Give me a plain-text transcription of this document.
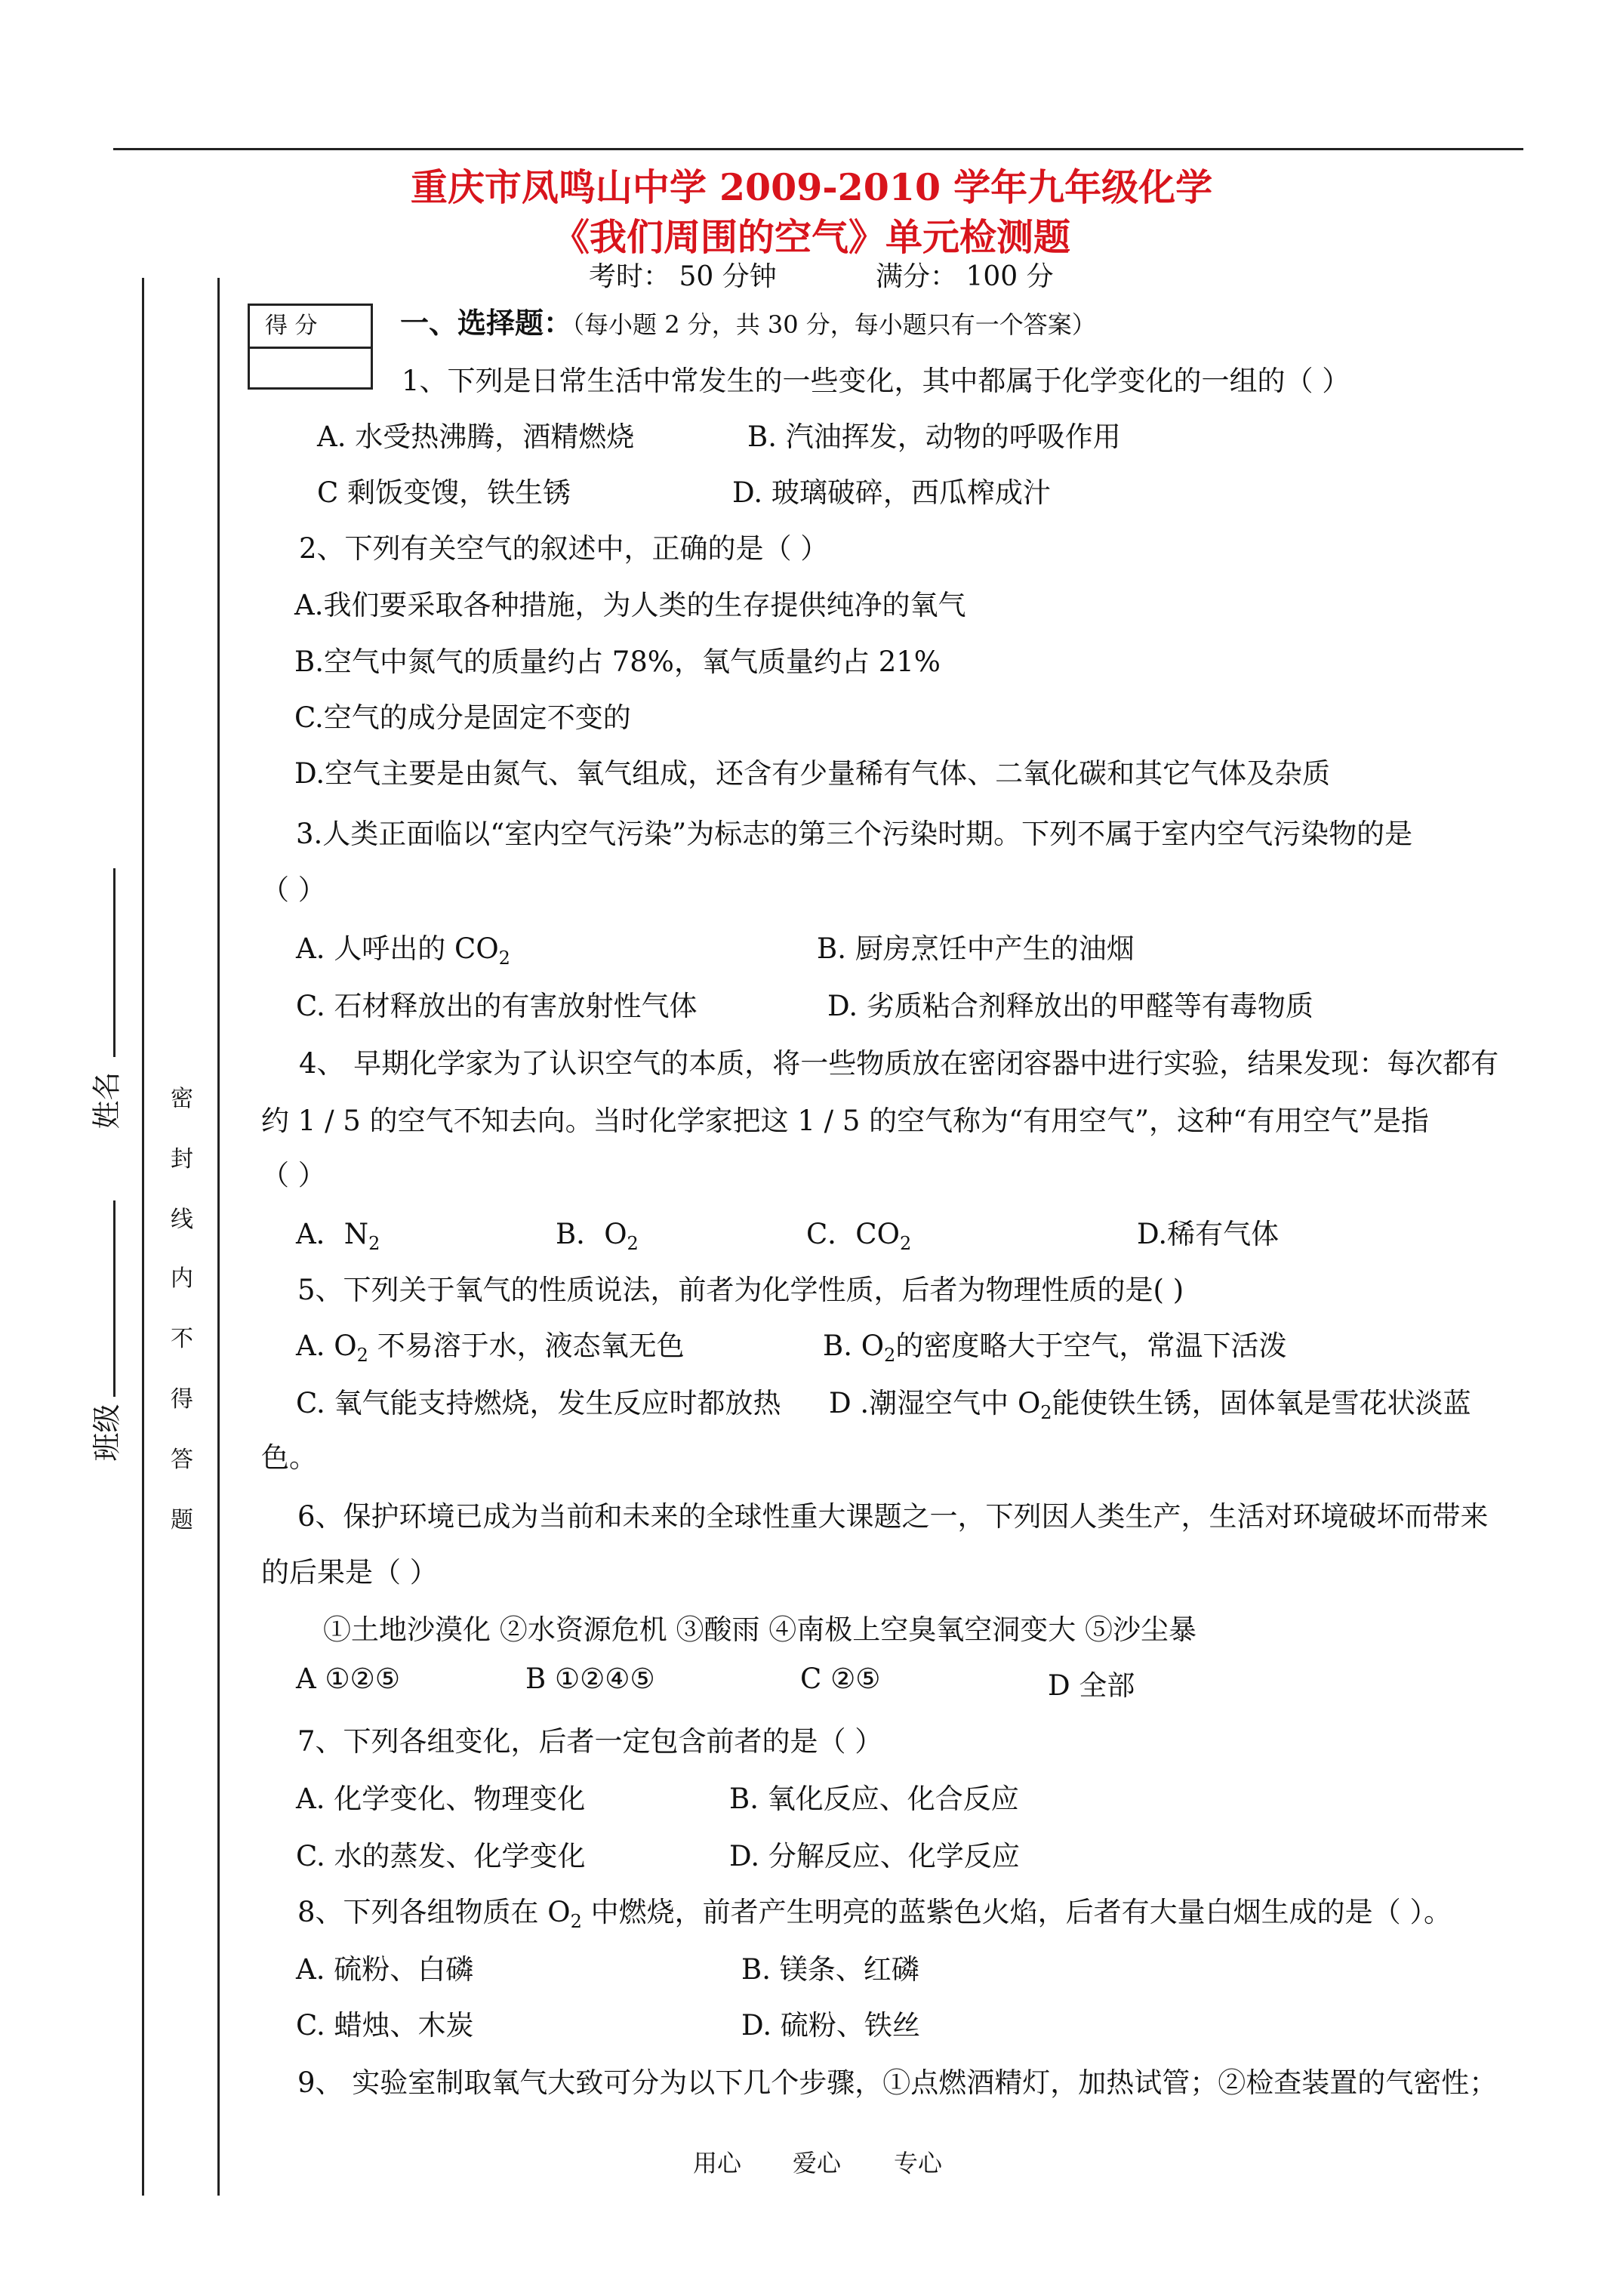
重庆市凤鸣山中学 2009-2010 学年九年级化学
《我们周围的空气》单元检测题
考时： 50 分钟	满分： 100 分
得 分
姓名
班级
密
封
线
内
不
得
答
题
一、选择题：（每小题 2 分，共 30 分，每小题只有一个答案）
1、下列是日常生活中常发生的一些变化，其中都属于化学变化的一组的（ ）
A. 水受热沸腾，酒精燃烧	B. 汽油挥发，动物的呼吸作用
C 剩饭变馊，铁生锈	D. 玻璃破碎，西瓜榨成汁
2、下列有关空气的叙述中，正确的是（ ）
A.我们要采取各种措施，为人类的生存提供纯净的氧气
B.空气中氮气的质量约占 78%，氧气质量约占 21%
C.空气的成分是固定不变的
D.空气主要是由氮气、氧气组成，还含有少量稀有气体、二氧化碳和其它气体及杂质
3.人类正面临以“室内空气污染”为标志的第三个污染时期。下列不属于室内空气污染物的是
（ ）
A. 人呼出的 $CO_2$	B. 厨房烹饪中产生的油烟
C. 石材释放出的有害放射性气体	D. 劣质粘合剂释放出的甲醛等有毒物质
4、 早期化学家为了认识空气的本质，将一些物质放在密闭容器中进行实验，结果发现：每次都有
约 1 / 5 的空气不知去向。当时化学家把这 1 / 5 的空气称为“有用空气”，这种“有用空气”是指
（ ）
A．$N_2$	B．$O_2$	C．$CO_2$	D.稀有气体
5、下列关于氧气的性质说法，前者为化学性质，后者为物理性质的是( )
A. $O_2$ 不易溶于水，液态氧无色	B. $O_2$的密度略大于空气，常温下活泼
C. 氧气能支持燃烧，发生反应时都放热 D .潮湿空气中 $O_2$能使铁生锈，固体氧是雪花状淡蓝
色。
6、保护环境已成为当前和未来的全球性重大课题之一，下列因人类生产，生活对环境破坏而带来
的后果是（ ）
①土地沙漠化 ②水资源危机 ③酸雨 ④南极上空臭氧空洞变大 ⑤沙尘暴
A ①②⑤	B ①②④⑤	C ②⑤	D 全部
7、下列各组变化，后者一定包含前者的是（ ）
A. 化学变化、物理变化	B. 氧化反应、化合反应
C. 水的蒸发、化学变化	D. 分解反应、化学反应
8、下列各组物质在 $O_2$ 中燃烧，前者产生明亮的蓝紫色火焰，后者有大量白烟生成的是（ ）。
A. 硫粉、白磷	B. 镁条、红磷
C. 蜡烛、木炭	D. 硫粉、铁丝
9、 实验室制取氧气大致可分为以下几个步骤，①点燃酒精灯，加热试管；②检查装置的气密性；
用心 爱心 专心
